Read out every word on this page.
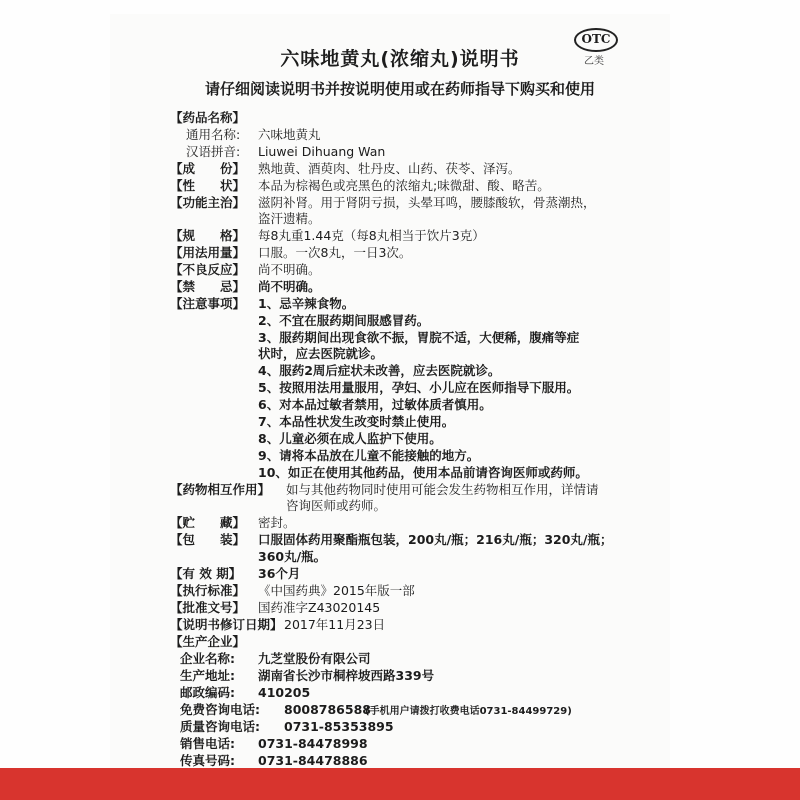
OTC
乙类
六味地黄丸(浓缩丸)说明书
请仔细阅读说明书并按说明使用或在药师指导下购买和使用
【药品名称】
通用名称: 六味地黄丸
汉语拼音: Liuwei Dihuang Wan
【成　　份】 熟地黄、酒萸肉、牡丹皮、山药、茯苓、泽泻。
【性　　状】 本品为棕褐色或亮黑色的浓缩丸;味微甜、酸、略苦。
【功能主治】 滋阴补肾。用于肾阴亏损，头晕耳鸣，腰膝酸软，骨蒸潮热，
盗汗遗精。
【规　　格】 每8丸重1.44克（每8丸相当于饮片3克）
【用法用量】 口服。一次8丸，一日3次。
【不良反应】 尚不明确。
【禁　　忌】 尚不明确。
【注意事项】 1、忌辛辣食物。
2、不宜在服药期间服感冒药。
3、服药期间出现食欲不振，胃脘不适，大便稀，腹痛等症
状时，应去医院就诊。
4、服药2周后症状未改善，应去医院就诊。
5、按照用法用量服用，孕妇、小儿应在医师指导下服用。
6、对本品过敏者禁用，过敏体质者慎用。
7、本品性状发生改变时禁止使用。
8、儿童必须在成人监护下使用。
9、请将本品放在儿童不能接触的地方。
10、如正在使用其他药品，使用本品前请咨询医师或药师。
【药物相互作用】 如与其他药物同时使用可能会发生药物相互作用，详情请
咨询医师或药师。
【贮　　藏】 密封。
【包　　装】 口服固体药用聚酯瓶包装，200丸/瓶；216丸/瓶；320丸/瓶；
360丸/瓶。
【有 效 期】 36个月
【执行标准】 《中国药典》2015年版一部
【批准文号】 国药准字Z43020145
【说明书修订日期】 2017年11月23日
【生产企业】
企业名称: 九芝堂股份有限公司
生产地址: 湖南省长沙市桐梓坡西路339号
邮政编码: 410205
免费咨询电话: 8008786588
(手机用户请拨打收费电话0731-84499729)
质量咨询电话: 0731-85353895
销售电话: 0731-84478998
传真号码: 0731-84478886
